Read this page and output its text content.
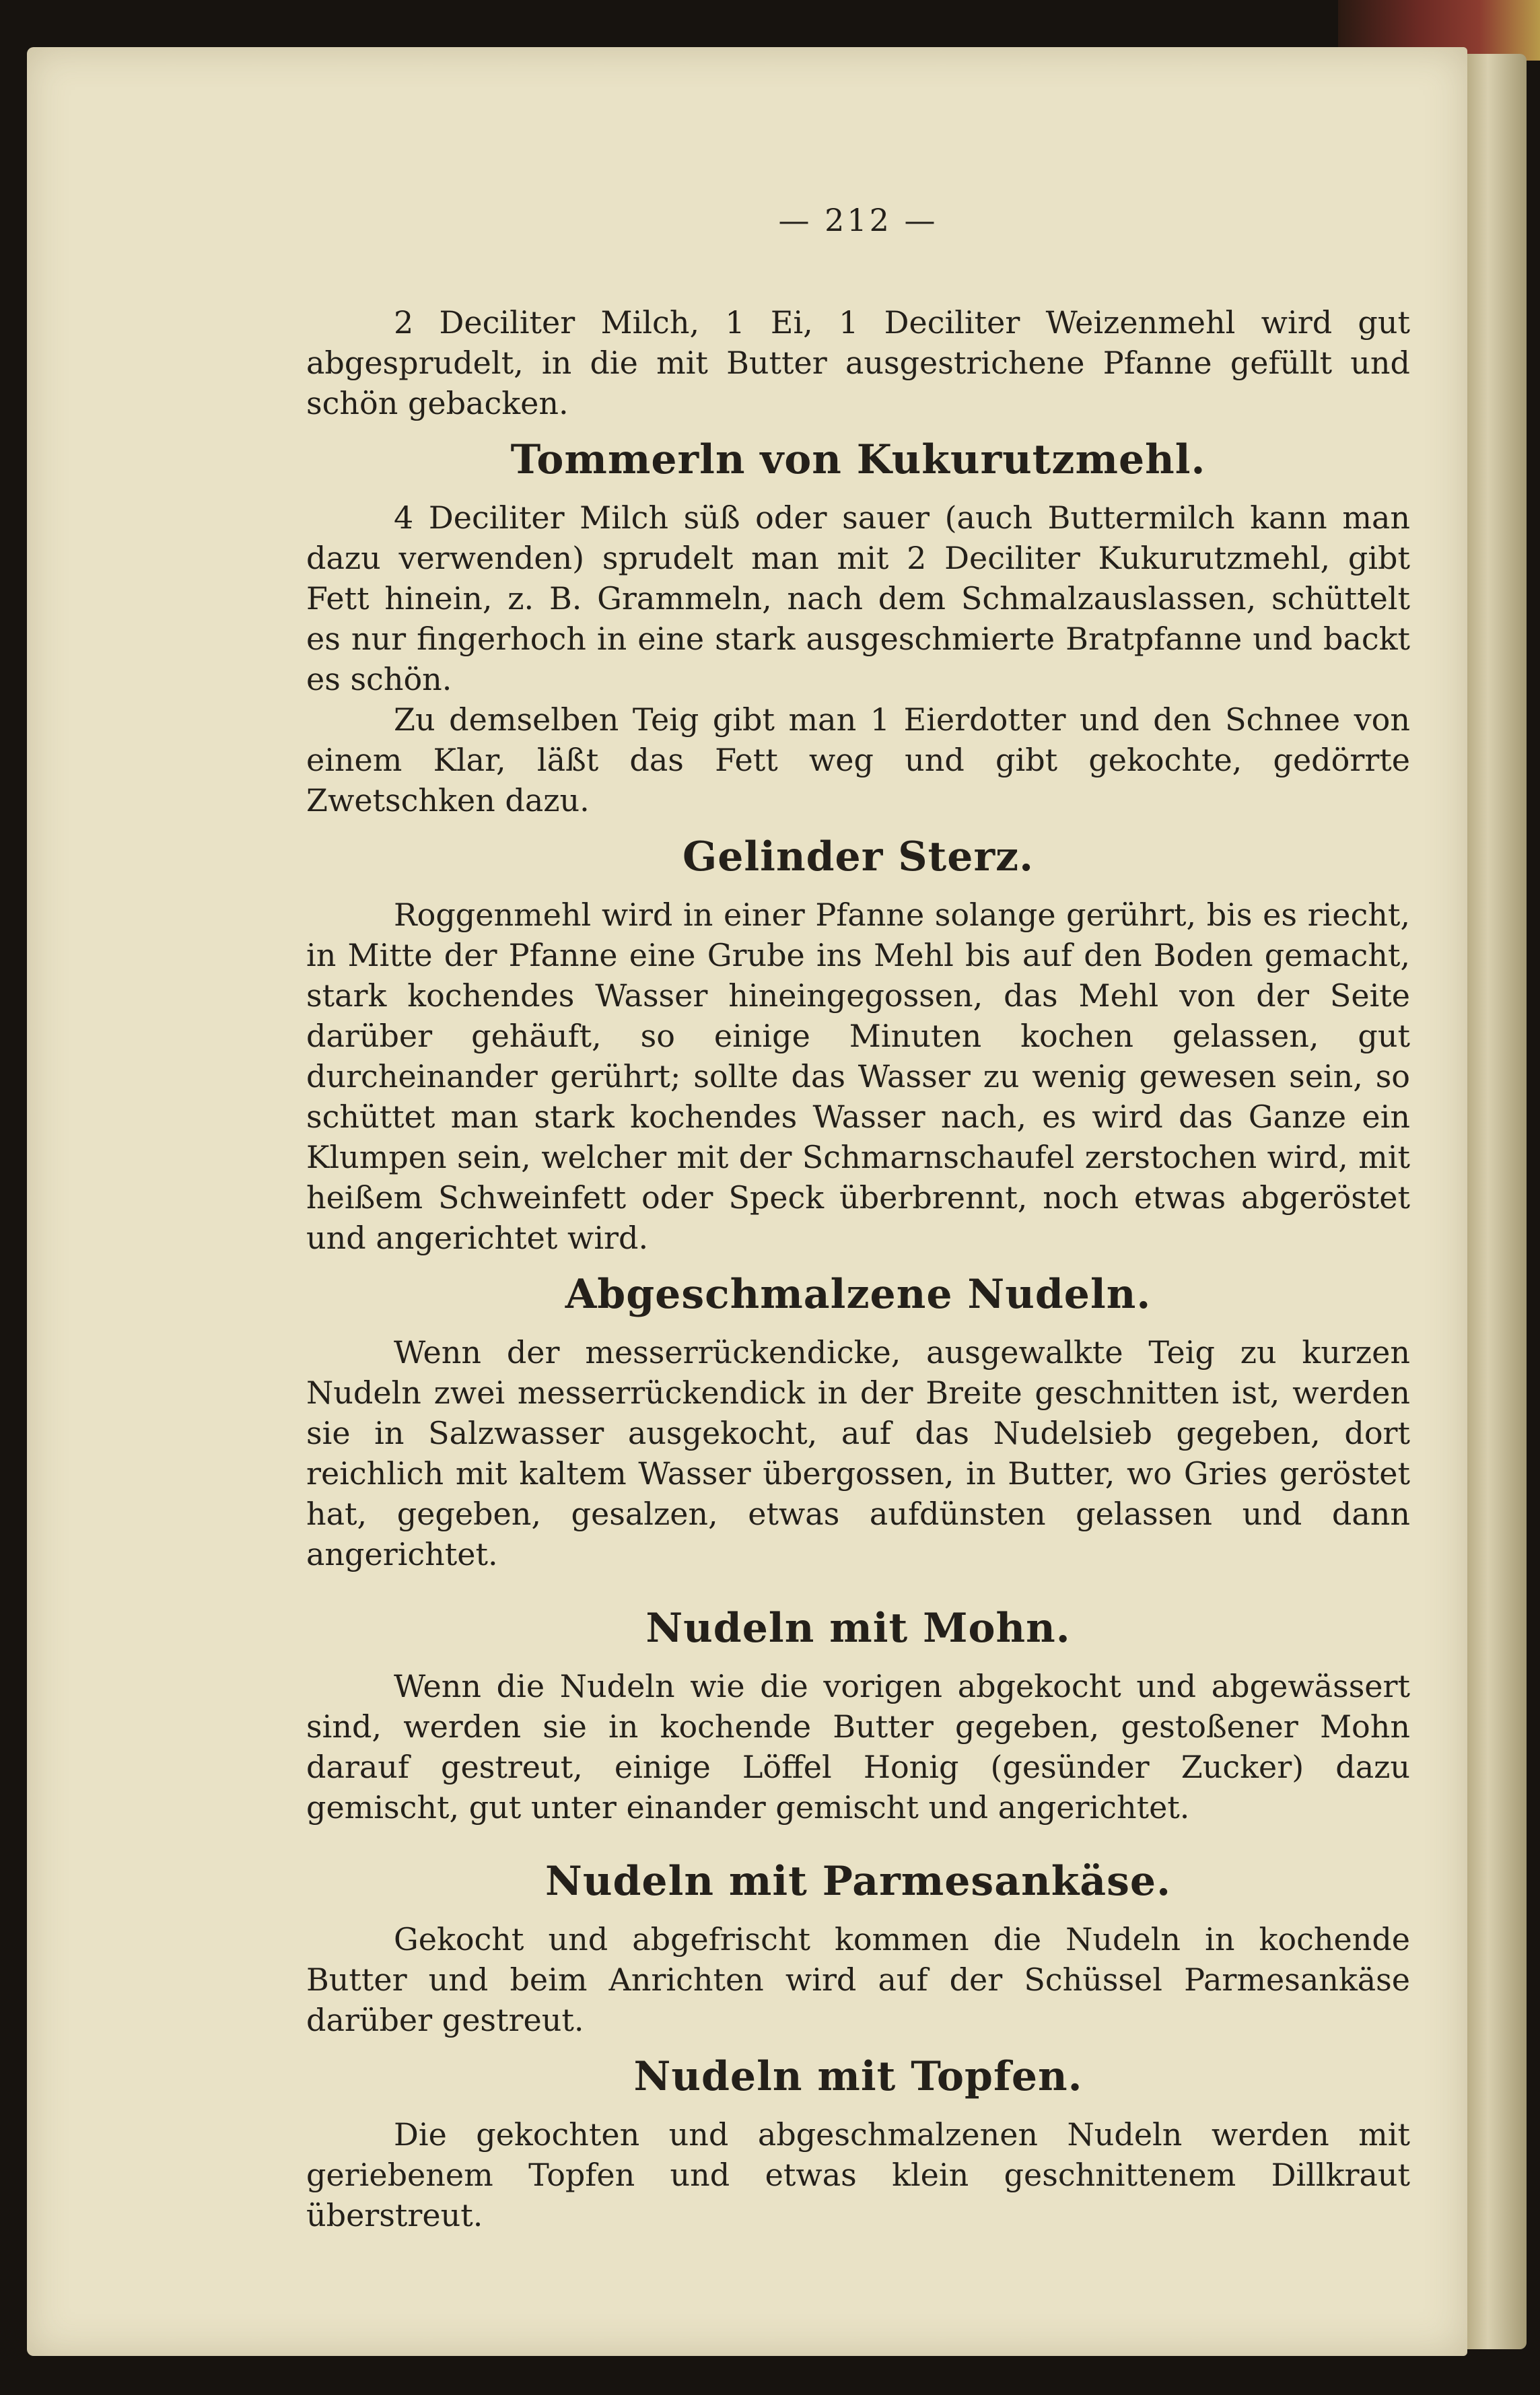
— 212 —

2 Deciliter Milch, 1 Ei, 1 Deciliter Weizenmehl wird gut abgesprudelt, in die mit Butter ausgestrichene Pfanne gefüllt und schön gebacken.

Tommerln von Kukurutzmehl.

4 Deciliter Milch süß oder sauer (auch Buttermilch kann man dazu verwenden) sprudelt man mit 2 Deciliter Kukurutzmehl, gibt Fett hinein, z. B. Grammeln, nach dem Schmalzauslassen, schüttelt es nur fingerhoch in eine stark ausgeschmierte Bratpfanne und backt es schön.

Zu demselben Teig gibt man 1 Eierdotter und den Schnee von einem Klar, läßt das Fett weg und gibt gekochte, gedörrte Zwetschken dazu.

Gelinder Sterz.

Roggenmehl wird in einer Pfanne solange gerührt, bis es riecht, in Mitte der Pfanne eine Grube ins Mehl bis auf den Boden gemacht, stark kochendes Wasser hineingegossen, das Mehl von der Seite darüber gehäuft, so einige Minuten kochen gelassen, gut durcheinander gerührt; sollte das Wasser zu wenig gewesen sein, so schüttet man stark kochendes Wasser nach, es wird das Ganze ein Klumpen sein, welcher mit der Schmarnschaufel zerstochen wird, mit heißem Schweinfett oder Speck überbrennt, noch etwas abgeröstet und angerichtet wird.

Abgeschmalzene Nudeln.

Wenn der messerrückendicke, ausgewalkte Teig zu kurzen Nudeln zwei messerrückendick in der Breite geschnitten ist, werden sie in Salzwasser ausgekocht, auf das Nudelsieb gegeben, dort reichlich mit kaltem Wasser übergossen, in Butter, wo Gries geröstet hat, gegeben, gesalzen, etwas aufdünsten gelassen und dann angerichtet.

Nudeln mit Mohn.

Wenn die Nudeln wie die vorigen abgekocht und abgewässert sind, werden sie in kochende Butter gegeben, gestoßener Mohn darauf gestreut, einige Löffel Honig (gesünder Zucker) dazu gemischt, gut unter einander gemischt und angerichtet.

Nudeln mit Parmesankäse.

Gekocht und abgefrischt kommen die Nudeln in kochende Butter und beim Anrichten wird auf der Schüssel Parmesankäse darüber gestreut.

Nudeln mit Topfen.

Die gekochten und abgeschmalzenen Nudeln werden mit geriebenem Topfen und etwas klein geschnittenem Dillkraut überstreut.
